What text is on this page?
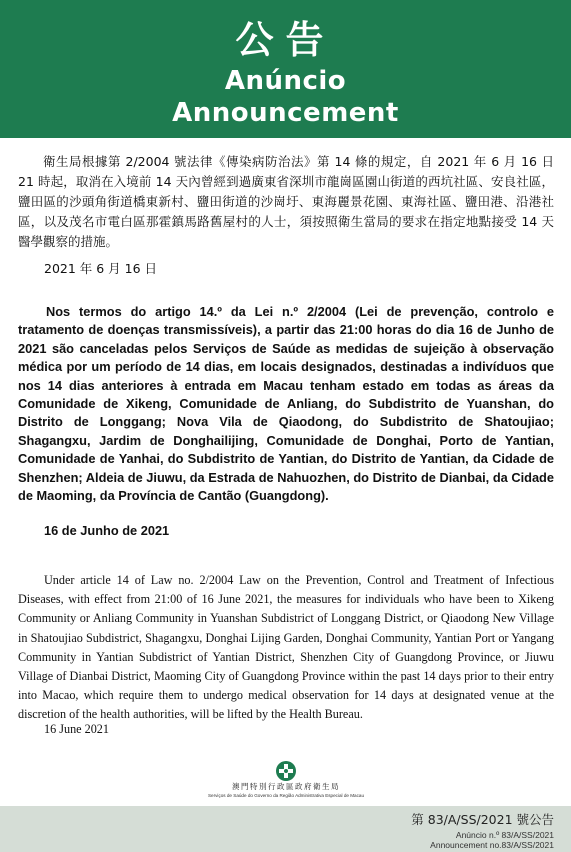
公告
Anúncio
Announcement

衛生局根據第 2/2004 號法律《傳染病防治法》第 14 條的規定，自 2021 年 6 月 16 日 21 時起，取消在入境前 14 天內曾經到過廣東省深圳市龍崗區園山街道的西坑社區、安良社區，鹽田區的沙頭角街道橋東新村、鹽田街道的沙崗圩、東海麗景花園、東海社區、鹽田港、沿港社區，以及茂名市電白區那霍鎮馬路舊屋村的人士，須按照衛生當局的要求在指定地點接受 14 天醫學觀察的措施。

2021 年 6 月 16 日

Nos termos do artigo 14.º da Lei n.º 2/2004 (Lei de prevenção, controlo e tratamento de doenças transmissíveis), a partir das 21:00 horas do dia 16 de Junho de 2021 são canceladas pelos Serviços de Saúde as medidas de sujeição à observação médica por um período de 14 dias, em locais designados, destinadas a indivíduos que nos 14 dias anteriores à entrada em Macau tenham estado em todas as áreas da Comunidade de Xikeng, Comunidade de Anliang, do Subdistrito de Yuanshan, do Distrito de Longgang; Nova Vila de Qiaodong, do Subdistrito de Shatoujiao; Shagangxu, Jardim de Donghailijing, Comunidade de Donghai, Porto de Yantian, Comunidade de Yanhai, do Subdistrito de Yantian, do Distrito de Yantian, da Cidade de Shenzhen; Aldeia de Jiuwu, da Estrada de Nahuozhen, do Distrito de Dianbai, da Cidade de Maoming, da Província de Cantão (Guangdong).

16 de Junho de 2021

Under article 14 of Law no. 2/2004 Law on the Prevention, Control and Treatment of Infectious Diseases, with effect from 21:00 of 16 June 2021, the measures for individuals who have been to Xikeng Community or Anliang Community in Yuanshan Subdistrict of Longgang District, or Qiaodong New Village in Shatoujiao Subdistrict, Shagangxu, Donghai Lijing Garden, Donghai Community, Yantian Port or Yangang Community in Yantian Subdistrict of Yantian District, Shenzhen City of Guangdong Province, or Jiuwu Village of Dianbai District, Maoming City of Guangdong Province within the past 14 days prior to their entry into Macao, which require them to undergo medical observation for 14 days at designated venue at the discretion of the health authorities, will be lifted by the Health Bureau.

16 June 2021

澳門特別行政區政府衛生局
Serviços de Saúde do Governo da Região Administrativa Especial de Macau
第 83/A/SS/2021 號公告
Anúncio n.º 83/A/SS/2021
Announcement no.83/A/SS/2021
